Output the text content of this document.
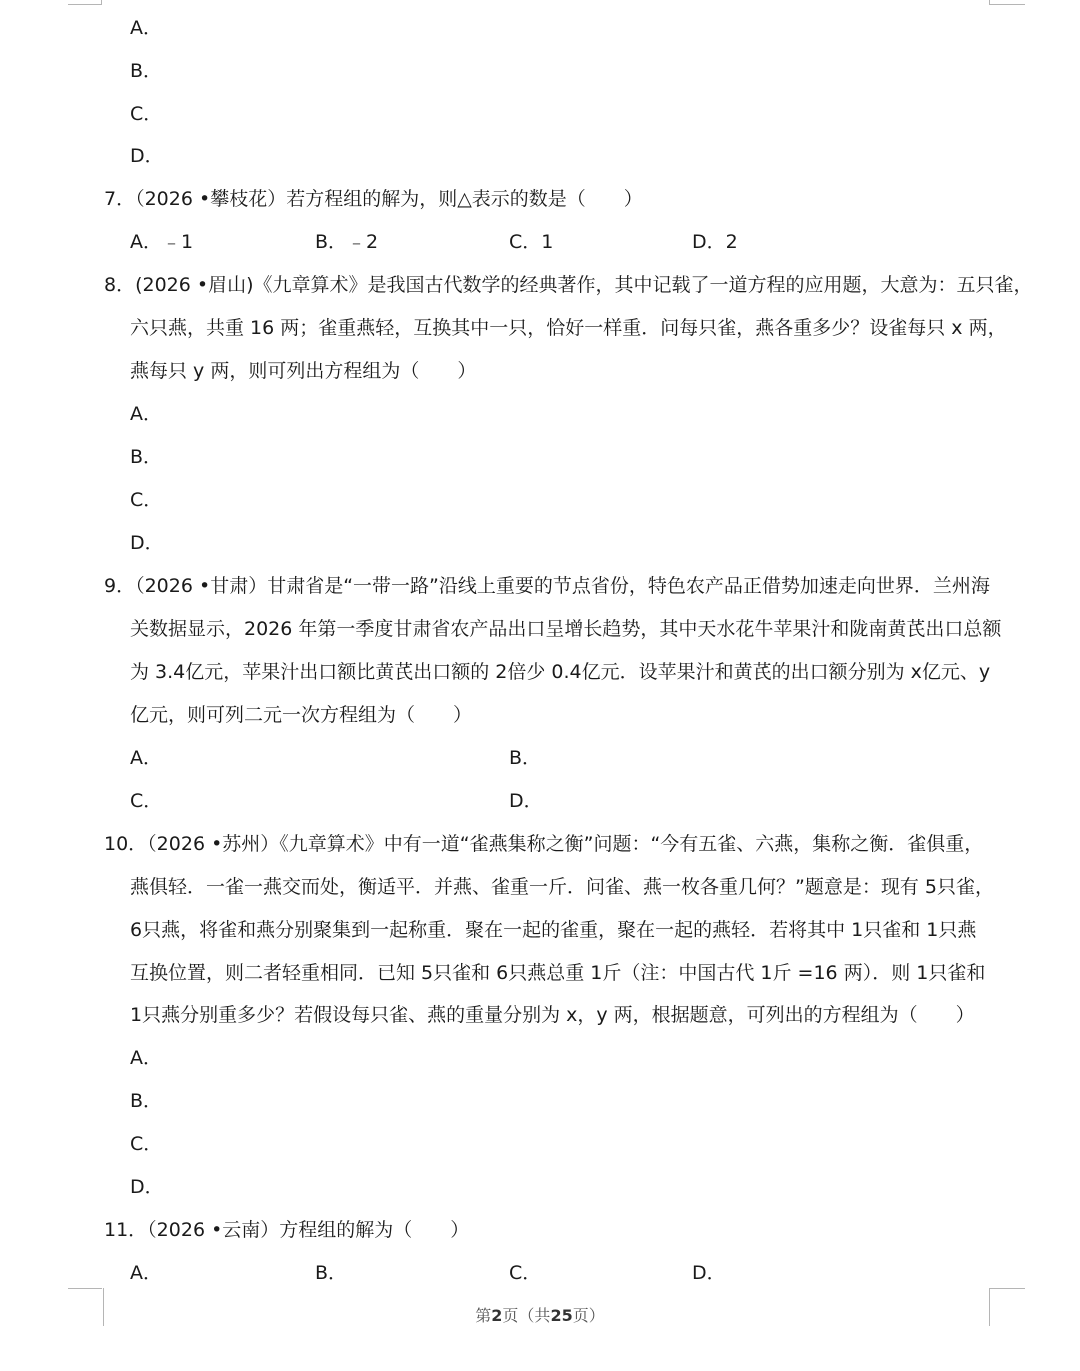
A．
B．
C．
D．
7．（2026 •攀枝花）若方程组的解为，则△表示的数是（　　）
A．﹣1	B．﹣2	C．1	D．2
8．(2026 •眉山)《九章算术》是我国古代数学的经典著作，其中记载了一道方程的应用题，大意为：五只雀，
六只燕，共重 16 两；雀重燕轻，互换其中一只，恰好一样重．问每只雀，燕各重多少？设雀每只 x 两，
燕每只 y 两，则可列出方程组为（　　）
A．
B．
C．
D．
9．（2026 •甘肃）甘肃省是“一带一路”沿线上重要的节点省份，特色农产品正借势加速走向世界．兰州海
关数据显示，2026 年第一季度甘肃省农产品出口呈增长趋势，其中天水花牛苹果汁和陇南黄芪出口总额
为 3.4亿元，苹果汁出口额比黄芪出口额的 2倍少 0.4亿元．设苹果汁和黄芪的出口额分别为 x亿元、y
亿元，则可列二元一次方程组为（　　）
A．	B．
C．	D．
10．（2026 •苏州）《九章算术》中有一道“雀燕集称之衡”问题：“今有五雀、六燕，集称之衡．雀俱重，
燕俱轻．一雀一燕交而处，衡适平．并燕、雀重一斤．问雀、燕一枚各重几何？”题意是：现有 5只雀，
6只燕，将雀和燕分别聚集到一起称重．聚在一起的雀重，聚在一起的燕轻．若将其中 1只雀和 1只燕
互换位置，则二者轻重相同．已知 5只雀和 6只燕总重 1斤（注：中国古代 1斤 =16 两）．则 1只雀和
1只燕分别重多少？若假设每只雀、燕的重量分别为 x，y 两，根据题意，可列出的方程组为（　　）
A．
B．
C．
D．
11．（2026 •云南）方程组的解为（　　）
A．	B．	C．	D．
第2页（共25页）
